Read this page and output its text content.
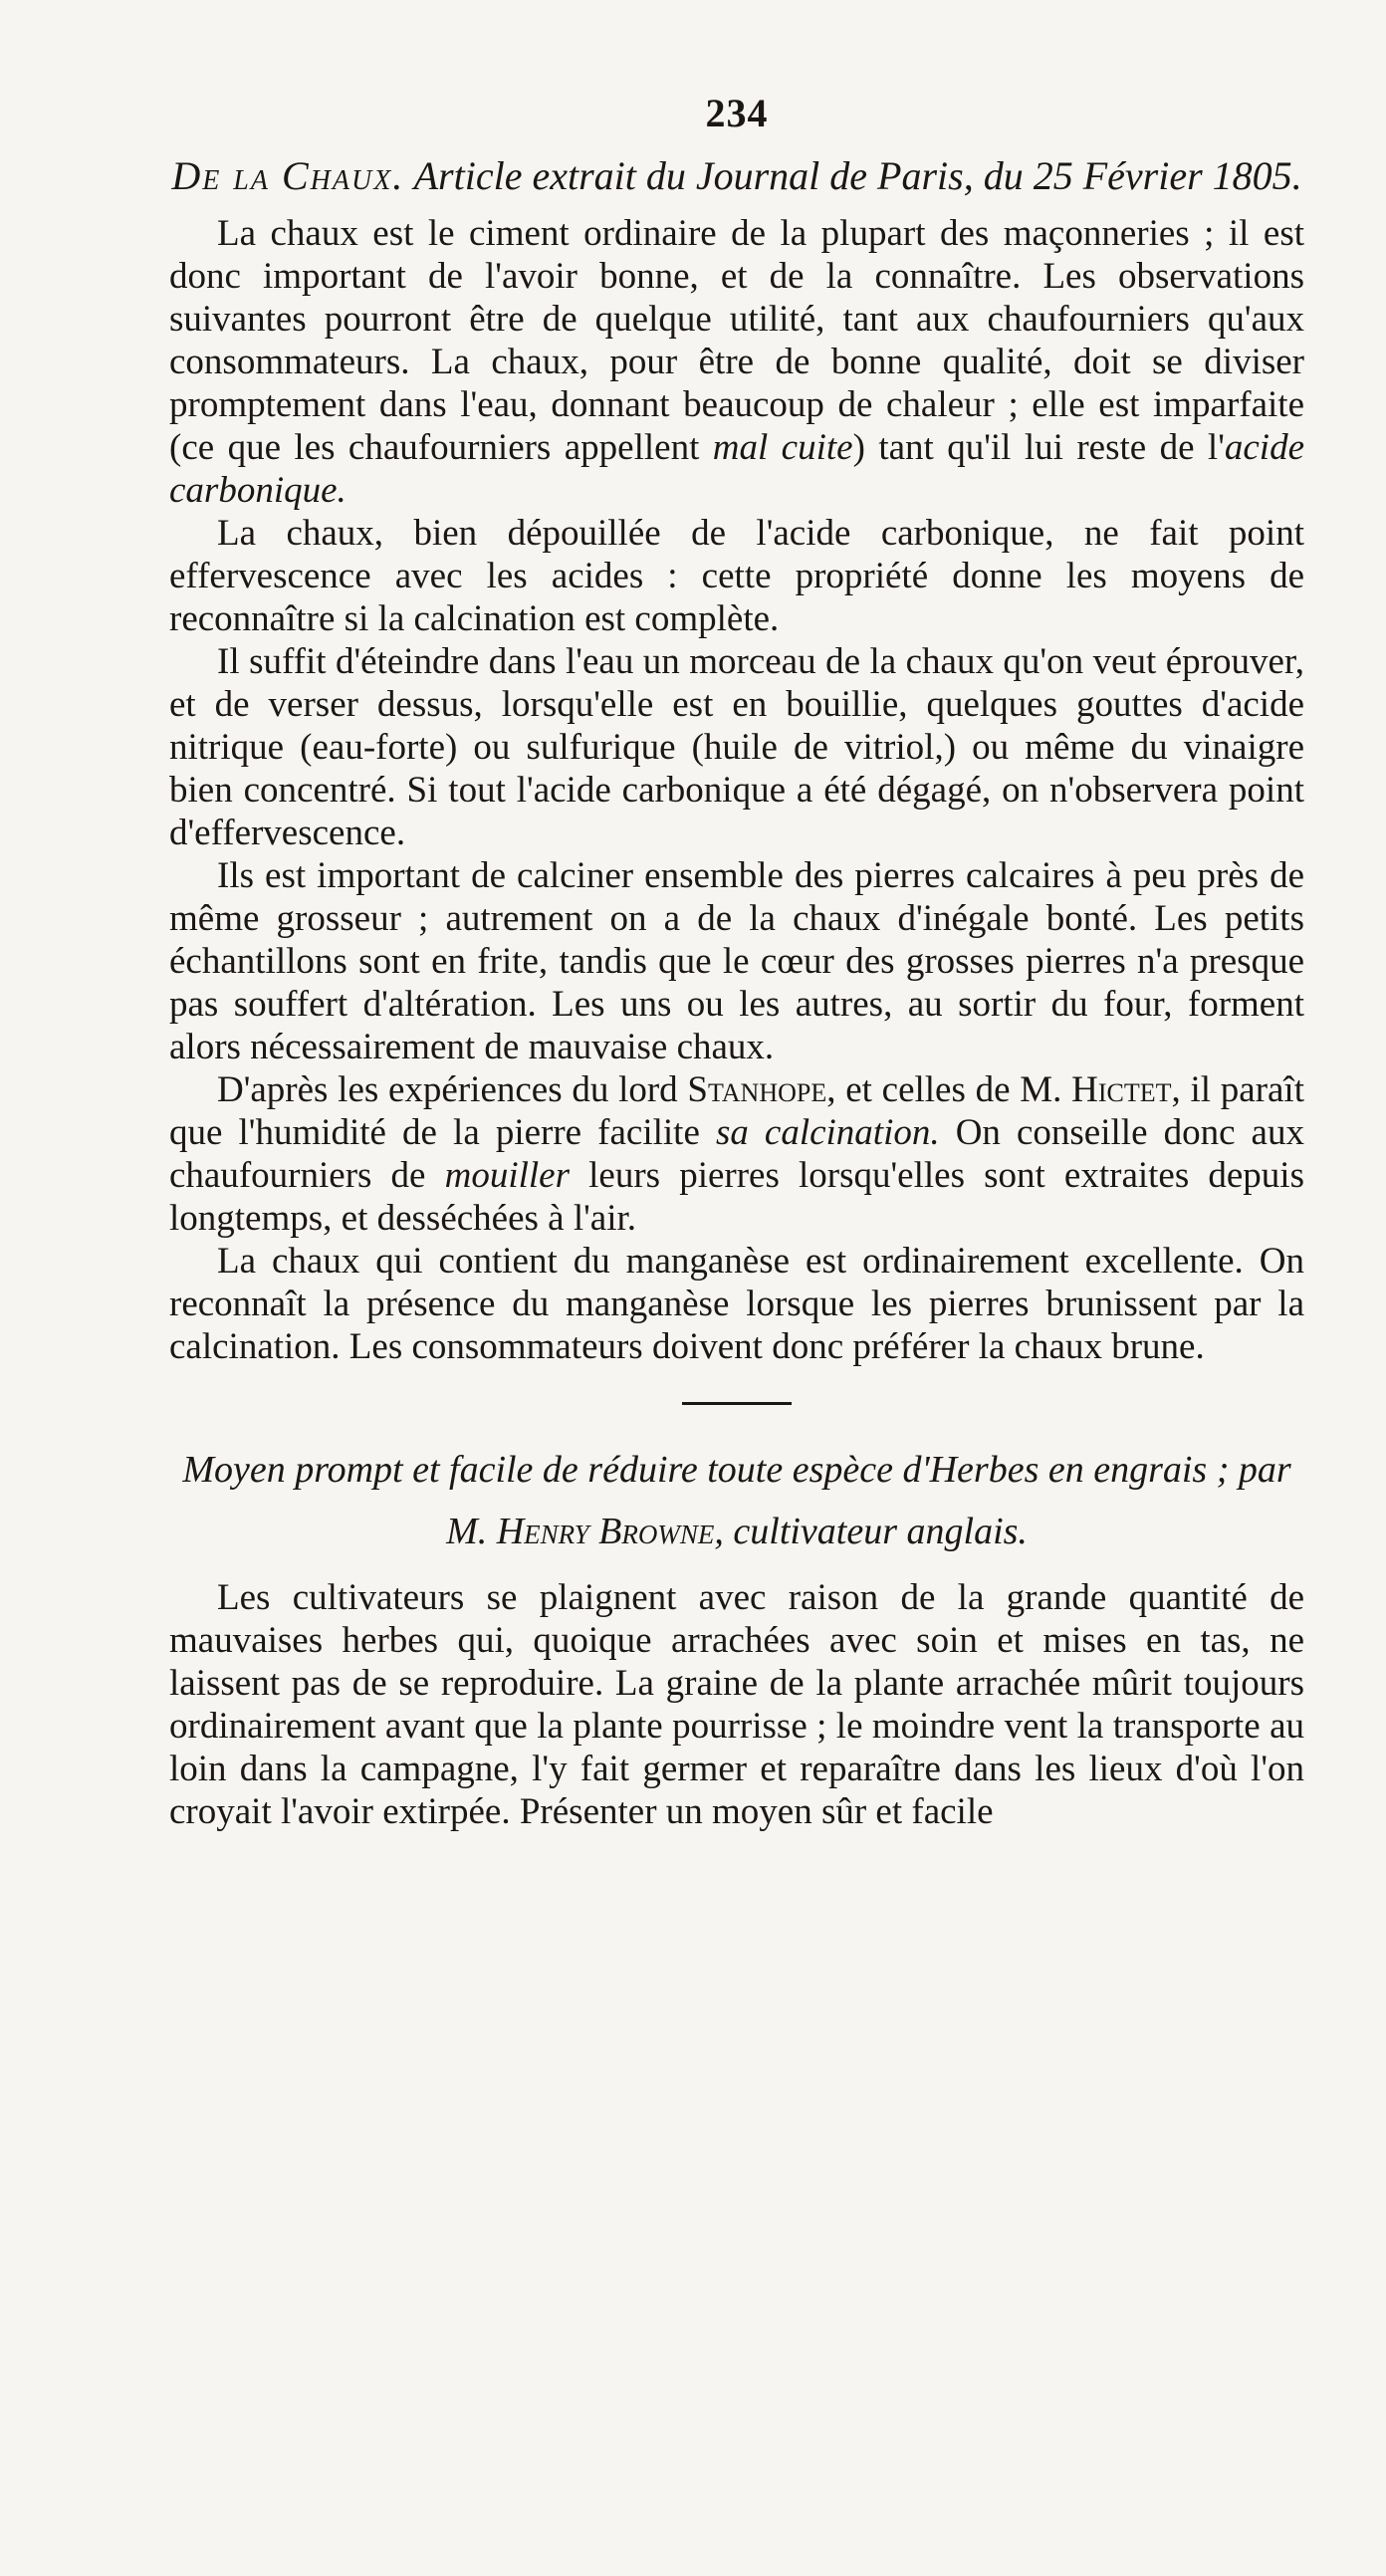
234
De la Chaux. Article extrait du Journal de Paris, du 25 Février 1805.

La chaux est le ciment ordinaire de la plupart des maçonneries ; il est donc important de l'avoir bonne, et de la connaître. Les observations suivantes pourront être de quelque utilité, tant aux chaufourniers qu'aux consommateurs. La chaux, pour être de bonne qualité, doit se diviser promptement dans l'eau, donnant beaucoup de chaleur ; elle est imparfaite (ce que les chaufourniers appellent mal cuite) tant qu'il lui reste de l'acide carbonique.

La chaux, bien dépouillée de l'acide carbonique, ne fait point effervescence avec les acides : cette propriété donne les moyens de reconnaître si la calcination est complète.

Il suffit d'éteindre dans l'eau un morceau de la chaux qu'on veut éprouver, et de verser dessus, lorsqu'elle est en bouillie, quelques gouttes d'acide nitrique (eau-forte) ou sulfurique (huile de vitriol,) ou même du vinaigre bien concentré. Si tout l'acide carbonique a été dégagé, on n'observera point d'effervescence.

Ils est important de calciner ensemble des pierres calcaires à peu près de même grosseur ; autrement on a de la chaux d'inégale bonté. Les petits échantillons sont en frite, tandis que le cœur des grosses pierres n'a presque pas souffert d'altération. Les uns ou les autres, au sortir du four, forment alors nécessairement de mauvaise chaux.

D'après les expériences du lord Stanhope, et celles de M. Hictet, il paraît que l'humidité de la pierre facilite sa calcination. On conseille donc aux chaufourniers de mouiller leurs pierres lorsqu'elles sont extraites depuis longtemps, et desséchées à l'air.

La chaux qui contient du manganèse est ordinairement excellente. On reconnaît la présence du manganèse lorsque les pierres brunissent par la calcination. Les consommateurs doivent donc préférer la chaux brune.

Moyen prompt et facile de réduire toute espèce d'Herbes en engrais ; par M. Henry Browne, cultivateur anglais.

Les cultivateurs se plaignent avec raison de la grande quantité de mauvaises herbes qui, quoique arrachées avec soin et mises en tas, ne laissent pas de se reproduire. La graine de la plante arrachée mûrit toujours ordinairement avant que la plante pourrisse ; le moindre vent la transporte au loin dans la campagne, l'y fait germer et reparaître dans les lieux d'où l'on croyait l'avoir extirpée. Présenter un moyen sûr et facile
